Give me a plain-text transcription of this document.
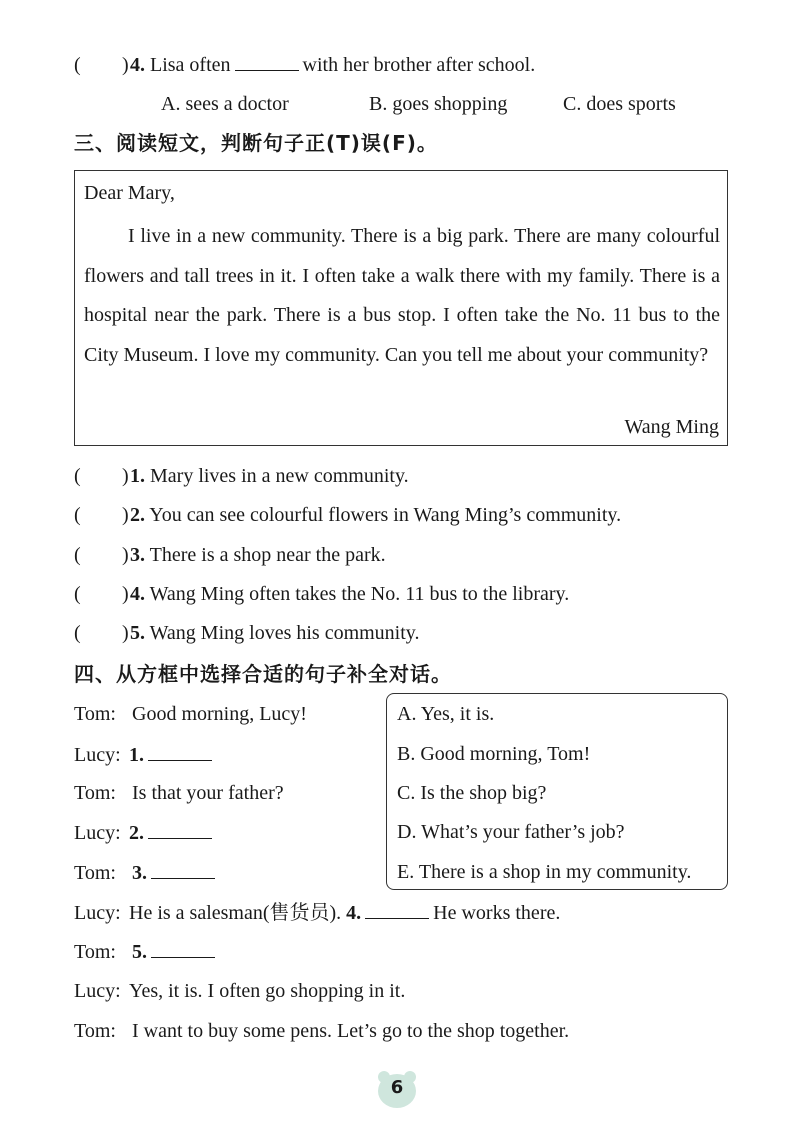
( )4. Lisa often	with her brother after school.
A. sees a doctor	B. goes shopping	C. does sports
三、阅读短文，判断句子正(T)误(F)。
Dear Mary,
I live in a new community. There is a big park. There are many colourful flowers and tall trees in it. I often take a walk there with my family. There is a hospital near the park. There is a bus stop. I often take the No. 11 bus to the City Museum. I love my community. Can you tell me about your community?
Wang Ming
( )1. Mary lives in a new community.
( )2. You can see colourful flowers in Wang Ming’s community.
( )3. There is a shop near the park.
( )4. Wang Ming often takes the No. 11 bus to the library.
( )5. Wang Ming loves his community.
四、从方框中选择合适的句子补全对话。
Tom: Good morning, Lucy!
Lucy: 1.
Tom: Is that your father?
Lucy: 2.
Tom: 3.
Lucy: He is a salesman(售货员). 4.	He works there.
Tom: 5.
Lucy: Yes, it is. I often go shopping in it.
Tom: I want to buy some pens. Let’s go to the shop together.
A. Yes, it is.
B. Good morning, Tom!
C. Is the shop big?
D. What’s your father’s job?
E. There is a shop in my community.
6
